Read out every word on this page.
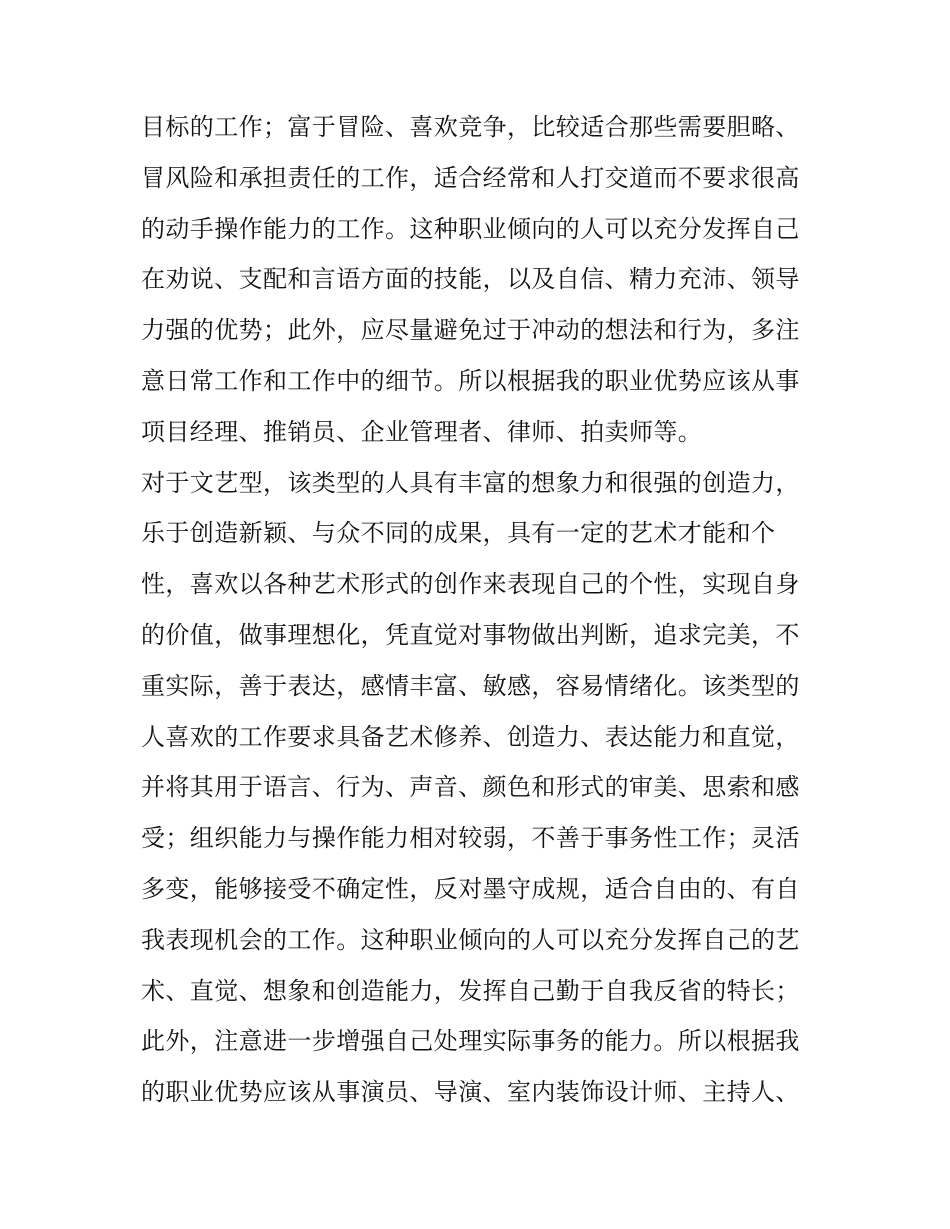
目标的工作；富于冒险、喜欢竞争，比较适合那些需要胆略、
冒风险和承担责任的工作，适合经常和人打交道而不要求很高
的动手操作能力的工作。这种职业倾向的人可以充分发挥自己
在劝说、支配和言语方面的技能，以及自信、精力充沛、领导
力强的优势；此外，应尽量避免过于冲动的想法和行为，多注
意日常工作和工作中的细节。所以根据我的职业优势应该从事
项目经理、推销员、企业管理者、律师、拍卖师等。
对于文艺型，该类型的人具有丰富的想象力和很强的创造力，
乐于创造新颖、与众不同的成果，具有一定的艺术才能和个
性，喜欢以各种艺术形式的创作来表现自己的个性，实现自身
的价值，做事理想化，凭直觉对事物做出判断，追求完美，不
重实际，善于表达，感情丰富、敏感，容易情绪化。该类型的
人喜欢的工作要求具备艺术修养、创造力、表达能力和直觉，
并将其用于语言、行为、声音、颜色和形式的审美、思索和感
受；组织能力与操作能力相对较弱，不善于事务性工作；灵活
多变，能够接受不确定性，反对墨守成规，适合自由的、有自
我表现机会的工作。这种职业倾向的人可以充分发挥自己的艺
术、直觉、想象和创造能力，发挥自己勤于自我反省的特长；
此外，注意进一步增强自己处理实际事务的能力。所以根据我
的职业优势应该从事演员、导演、室内装饰设计师、主持人、
